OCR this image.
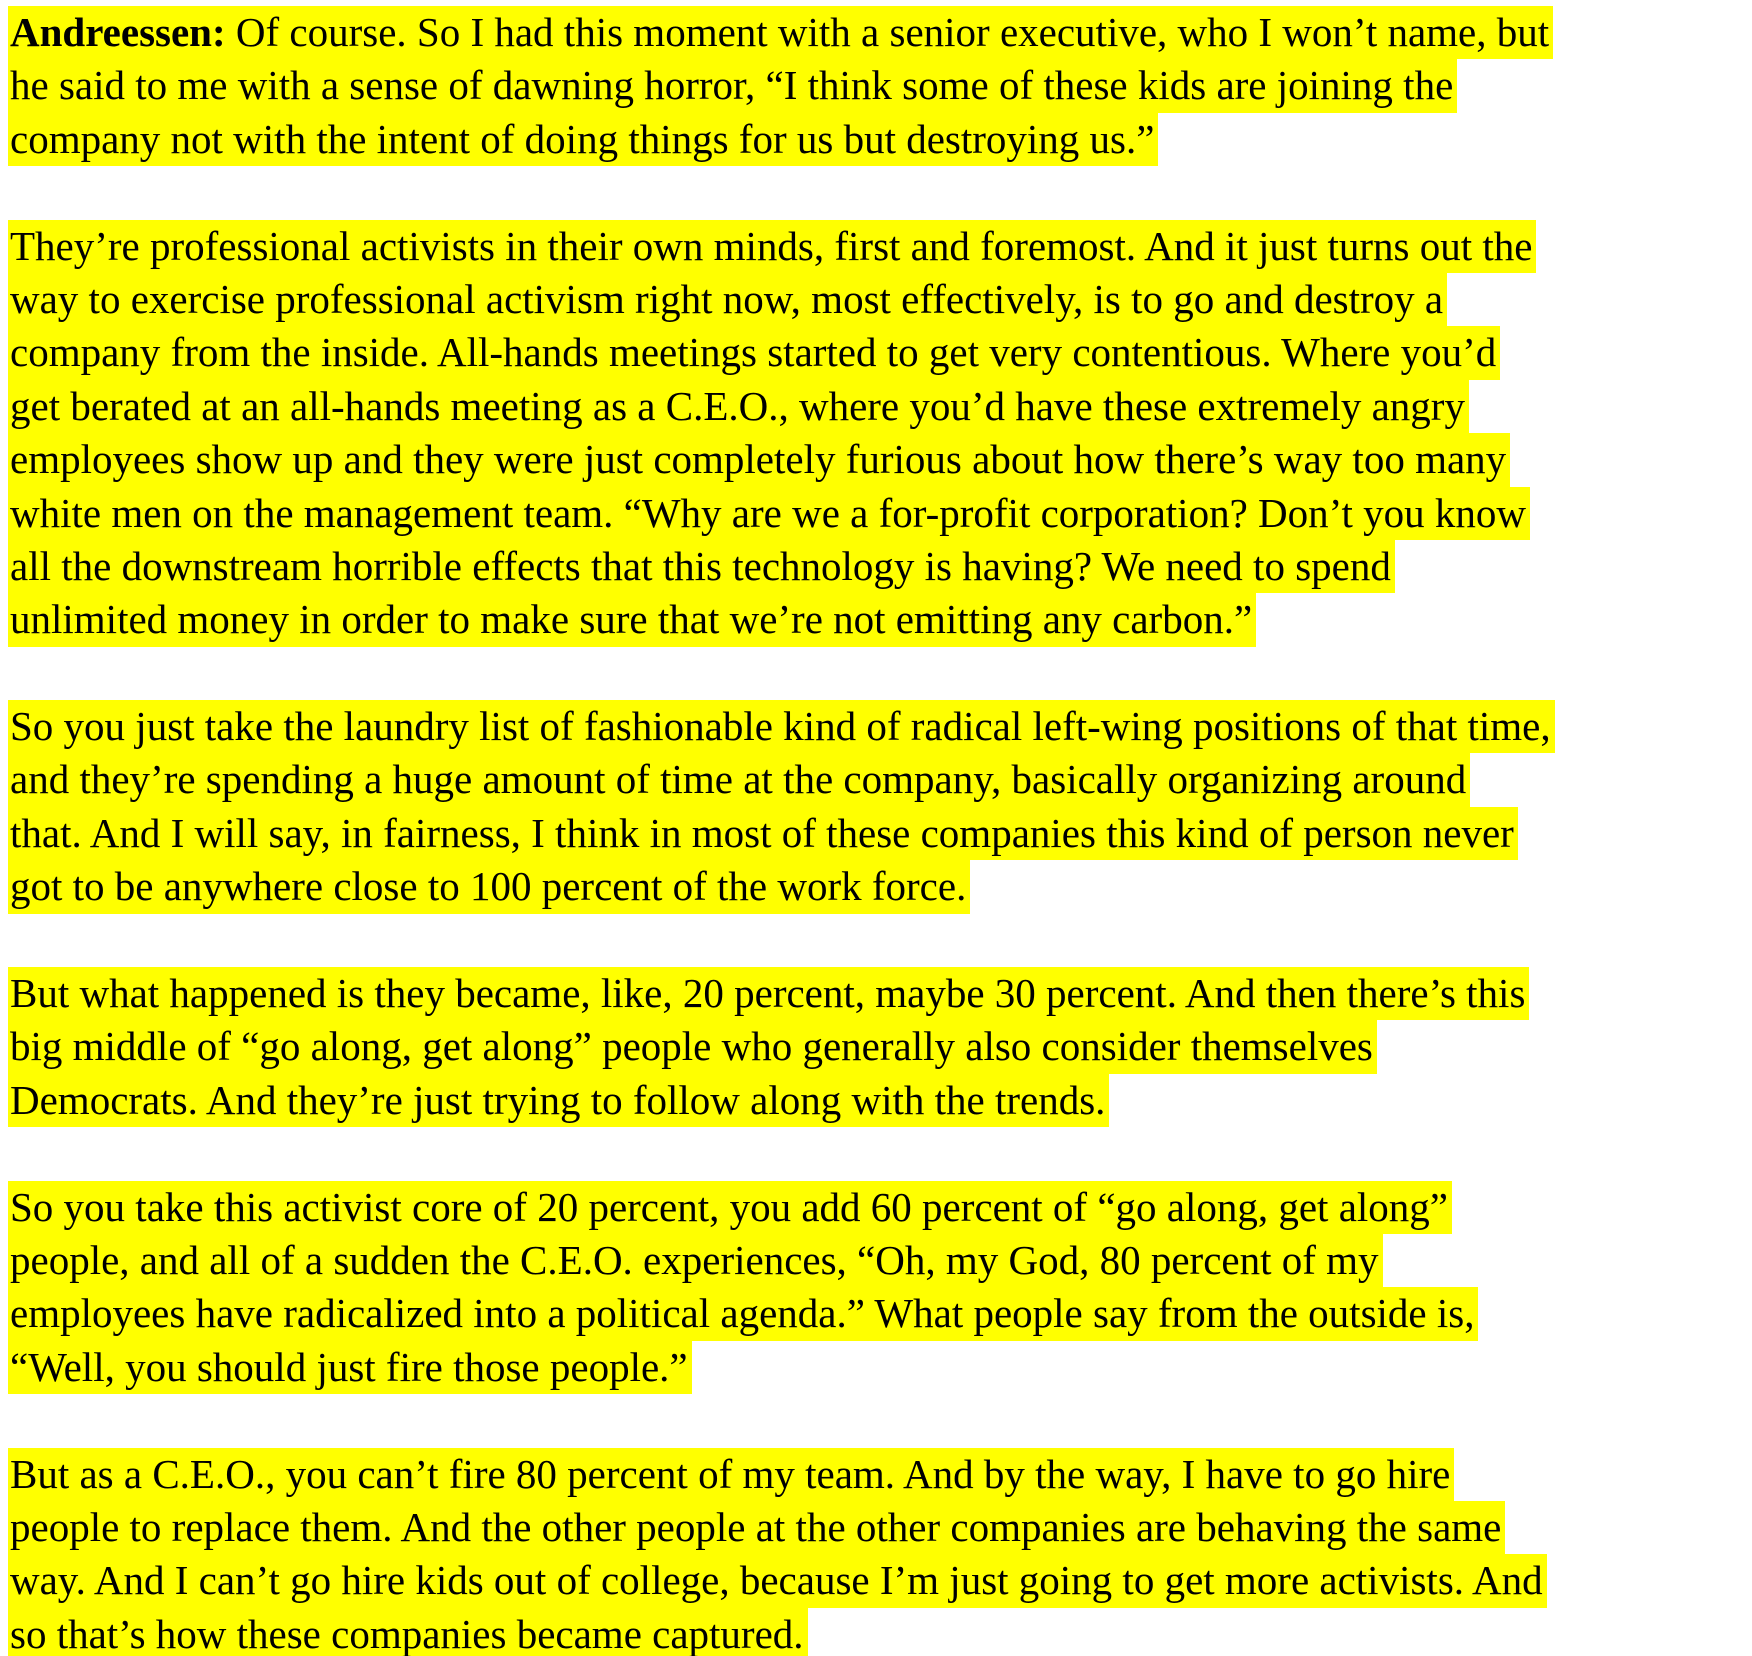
Andreessen: Of course. So I had this moment with a senior executive, who I won’t name, but
he said to me with a sense of dawning horror, “I think some of these kids are joining the
company not with the intent of doing things for us but destroying us.”
They’re professional activists in their own minds, first and foremost. And it just turns out the
way to exercise professional activism right now, most effectively, is to go and destroy a
company from the inside. All-hands meetings started to get very contentious. Where you’d
get berated at an all-hands meeting as a C.E.O., where you’d have these extremely angry
employees show up and they were just completely furious about how there’s way too many
white men on the management team. “Why are we a for-profit corporation? Don’t you know
all the downstream horrible effects that this technology is having? We need to spend
unlimited money in order to make sure that we’re not emitting any carbon.”
So you just take the laundry list of fashionable kind of radical left-wing positions of that time,
and they’re spending a huge amount of time at the company, basically organizing around
that. And I will say, in fairness, I think in most of these companies this kind of person never
got to be anywhere close to 100 percent of the work force.
But what happened is they became, like, 20 percent, maybe 30 percent. And then there’s this
big middle of “go along, get along” people who generally also consider themselves
Democrats. And they’re just trying to follow along with the trends.
So you take this activist core of 20 percent, you add 60 percent of “go along, get along”
people, and all of a sudden the C.E.O. experiences, “Oh, my God, 80 percent of my
employees have radicalized into a political agenda.” What people say from the outside is,
“Well, you should just fire those people.”
But as a C.E.O., you can’t fire 80 percent of my team. And by the way, I have to go hire
people to replace them. And the other people at the other companies are behaving the same
way. And I can’t go hire kids out of college, because I’m just going to get more activists. And
so that’s how these companies became captured.
